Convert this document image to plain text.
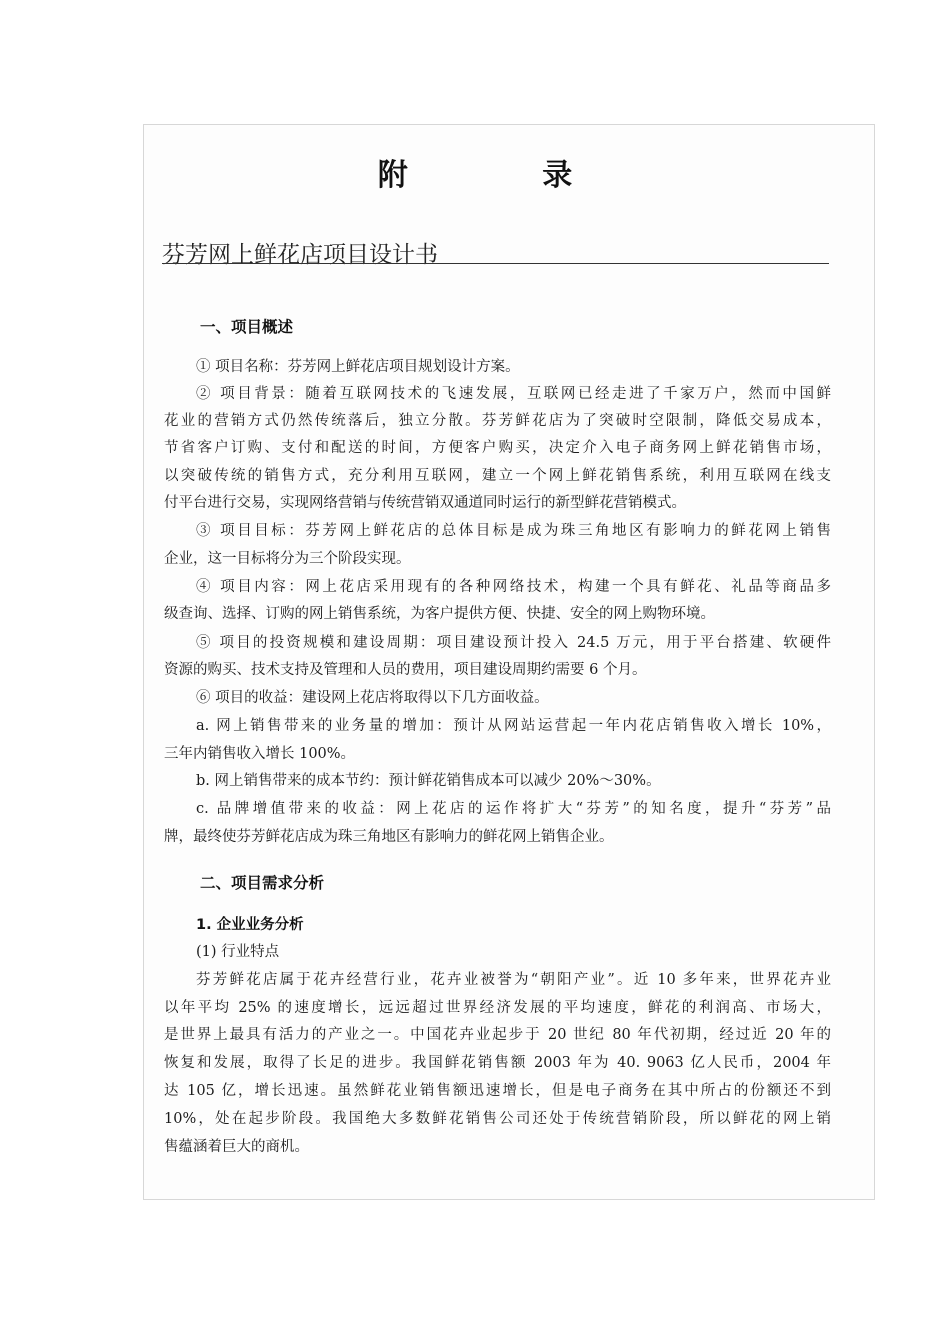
附 录
芬芳网上鲜花店项目设计书
一、项目概述
① 项目名称：芬芳网上鲜花店项目规划设计方案。
② 项目背景：随着互联网技术的飞速发展，互联网已经走进了千家万户，然而中国鲜
花业的营销方式仍然传统落后，独立分散。芬芳鲜花店为了突破时空限制，降低交易成本，
节省客户订购、支付和配送的时间，方便客户购买，决定介入电子商务网上鲜花销售市场，
以突破传统的销售方式，充分利用互联网，建立一个网上鲜花销售系统，利用互联网在线支
付平台进行交易，实现网络营销与传统营销双通道同时运行的新型鲜花营销模式。
③ 项目目标：芬芳网上鲜花店的总体目标是成为珠三角地区有影响力的鲜花网上销售
企业，这一目标将分为三个阶段实现。
④ 项目内容：网上花店采用现有的各种网络技术，构建一个具有鲜花、礼品等商品多
级查询、选择、订购的网上销售系统，为客户提供方便、快捷、安全的网上购物环境。
⑤ 项目的投资规模和建设周期：项目建设预计投入 24.5 万元，用于平台搭建、软硬件
资源的购买、技术支持及管理和人员的费用，项目建设周期约需要 6 个月。
⑥ 项目的收益：建设网上花店将取得以下几方面收益。
a. 网上销售带来的业务量的增加：预计从网站运营起一年内花店销售收入增长 10%，
三年内销售收入增长 100%。
b. 网上销售带来的成本节约：预计鲜花销售成本可以减少 20%～30%。
c. 品牌增值带来的收益：网上花店的运作将扩大“芬芳”的知名度，提升“芬芳”品
牌，最终使芬芳鲜花店成为珠三角地区有影响力的鲜花网上销售企业。
二、项目需求分析
1. 企业业务分析
(1) 行业特点
芬芳鲜花店属于花卉经营行业，花卉业被誉为“朝阳产业”。近 10 多年来，世界花卉业
以年平均 25% 的速度增长，远远超过世界经济发展的平均速度，鲜花的利润高、市场大，
是世界上最具有活力的产业之一。中国花卉业起步于 20 世纪 80 年代初期，经过近 20 年的
恢复和发展，取得了长足的进步。我国鲜花销售额 2003 年为 40. 9063 亿人民币，2004 年
达 105 亿，增长迅速。虽然鲜花业销售额迅速增长，但是电子商务在其中所占的份额还不到
10%，处在起步阶段。我国绝大多数鲜花销售公司还处于传统营销阶段，所以鲜花的网上销
售蕴涵着巨大的商机。
